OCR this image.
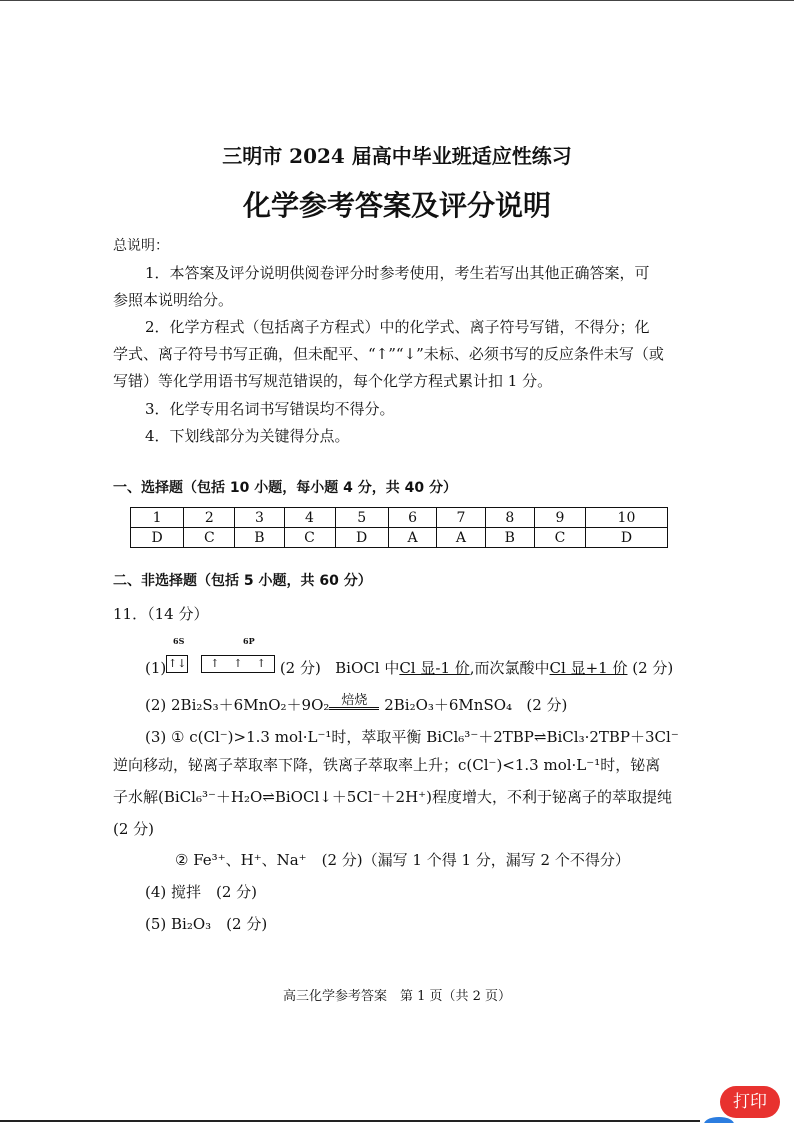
三明市 2024 届高中毕业班适应性练习
化学参考答案及评分说明
总说明：
1．本答案及评分说明供阅卷评分时参考使用，考生若写出其他正确答案，可
参照本说明给分。
2．化学方程式（包括离子方程式）中的化学式、离子符号写错，不得分；化
学式、离子符号书写正确，但未配平、“↑”“↓”未标、必须书写的反应条件未写（或
写错）等化学用语书写规范错误的，每个化学方程式累计扣 1 分。
3．化学专用名词书写错误均不得分。
4．下划线部分为关键得分点。
一、选择题（包括 10 小题，每小题 4 分，共 40 分）
1	2	3	4	5	6	7	8	9	10
D	C	B	C	D	A	A	B	C	D
二、非选择题（包括 5 小题，共 60 分）
11．（14 分）
6S	6P
(1) ↑↓ ↑    ↑    ↑ (2 分) BiOCl 中Cl 显-1 价,而次氯酸中Cl 显+1 价 (2 分)
(2) 2Bi₂S₃＋6MnO₂＋9O₂ 焙烧 2Bi₂O₃＋6MnSO₄ (2 分)
(3) ① c(Cl⁻)>1.3 mol·L⁻¹时，萃取平衡 BiCl₆³⁻＋2TBP⇌BiCl₃·2TBP＋3Cl⁻
逆向移动，铋离子萃取率下降，铁离子萃取率上升；c(Cl⁻)<1.3 mol·L⁻¹时，铋离
子水解(BiCl₆³⁻＋H₂O⇌BiOCl↓＋5Cl⁻＋2H⁺)程度增大，不利于铋离子的萃取提纯
(2 分)
② Fe³⁺、H⁺、Na⁺　(2 分)（漏写 1 个得 1 分，漏写 2 个不得分）
(4) 搅拌　(2 分)
(5) Bi₂O₃　(2 分)
高三化学参考答案　第 1 页（共 2 页）
打印
